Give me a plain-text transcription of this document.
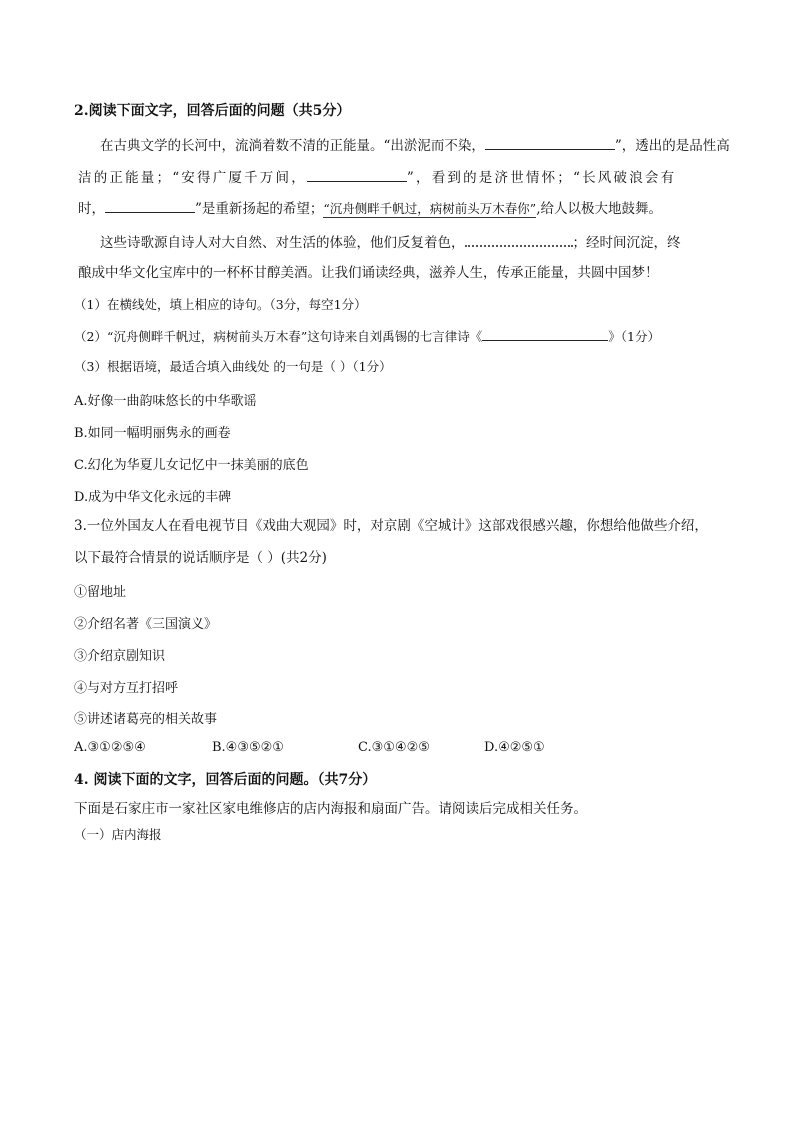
2.阅读下面文字，回答后面的问题（共5分）
在古典文学的长河中，流淌着数不清的正能量。“出淤泥而不染，	”，透出的是品性高
洁的正能量；“安得广厦千万间，	”，看到的是济世情怀；“长风破浪会有
时，	”是重新扬起的希望；“沉舟侧畔千帆过，病树前头万木春你”,给人以极大地鼓舞。
这些诗歌源自诗人对大自然、对生活的体验，他们反复着色，	；经时间沉淀，终
酿成中华文化宝库中的一杯杯甘醇美酒。让我们诵读经典，滋养人生，传承正能量，共圆中国梦！
（1）在横线处，填上相应的诗句。（3分，每空1分）
（2）“沉舟侧畔千帆过，病树前头万木春”这句诗来自刘禹锡的七言律诗《	》（1分）
（3）根据语境，最适合填入曲线处 的一句是（ ）（1分）
A.好像一曲韵味悠长的中华歌谣
B.如同一幅明丽隽永的画卷
C.幻化为华夏儿女记忆中一抹美丽的底色
D.成为中华文化永远的丰碑
3.一位外国友人在看电视节目《戏曲大观园》时，对京剧《空城计》这部戏很感兴趣，你想给他做些介绍，
以下最符合情景的说话顺序是（ ）(共2分)
①留地址
②介绍名著《三国演义》
③介绍京剧知识
④与对方互打招呼
⑤讲述诸葛亮的相关故事
A.③①②⑤④	B.④③⑤②①	C.③①④②⑤	D.④②⑤①
4. 阅读下面的文字，回答后面的问题。（共7分）
下面是石家庄市一家社区家电维修店的店内海报和扇面广告。请阅读后完成相关任务。
（一）店内海报
